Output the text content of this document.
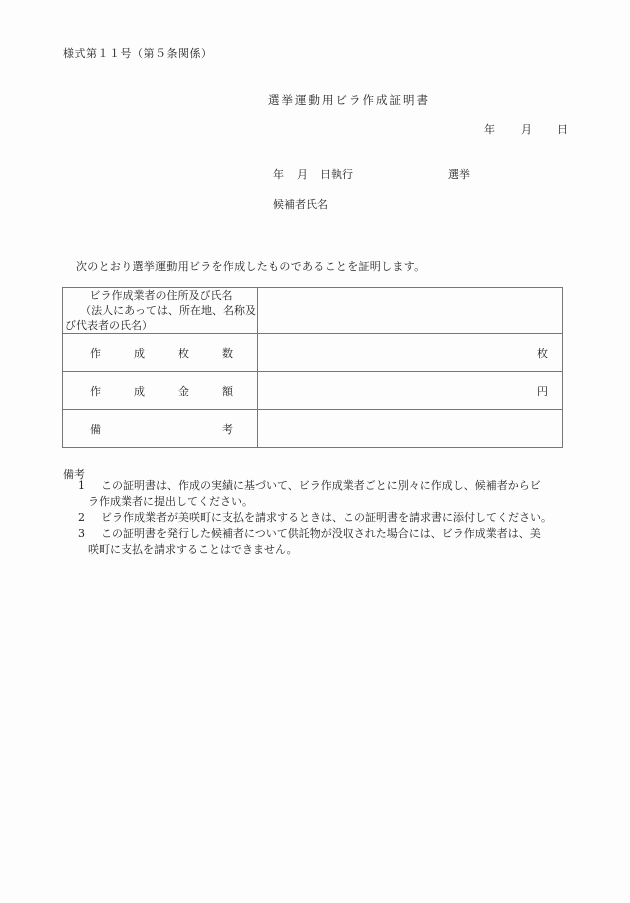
様式第１１号（第５条関係）
選挙運動用ビラ作成証明書
年 月 日
年 月 日執行	選挙
候補者氏名
次のとおり選挙運動用ビラを作成したものであることを証明します。
ビラ作成業者の住所及び氏名
（法人にあっては、所在地、名称及
び代表者の氏名）	

作 成 枚 数	枚

作 成 金 額	円

備 考	

備考
1 この証明書は、作成の実績に基づいて、ビラ作成業者ごとに別々に作成し、候補者からビ
ラ作成業者に提出してください。
2 ビラ作成業者が美咲町に支払を請求するときは、この証明書を請求書に添付してください。
3 この証明書を発行した候補者について供託物が没収された場合には、ビラ作成業者は、美
咲町に支払を請求することはできません。
